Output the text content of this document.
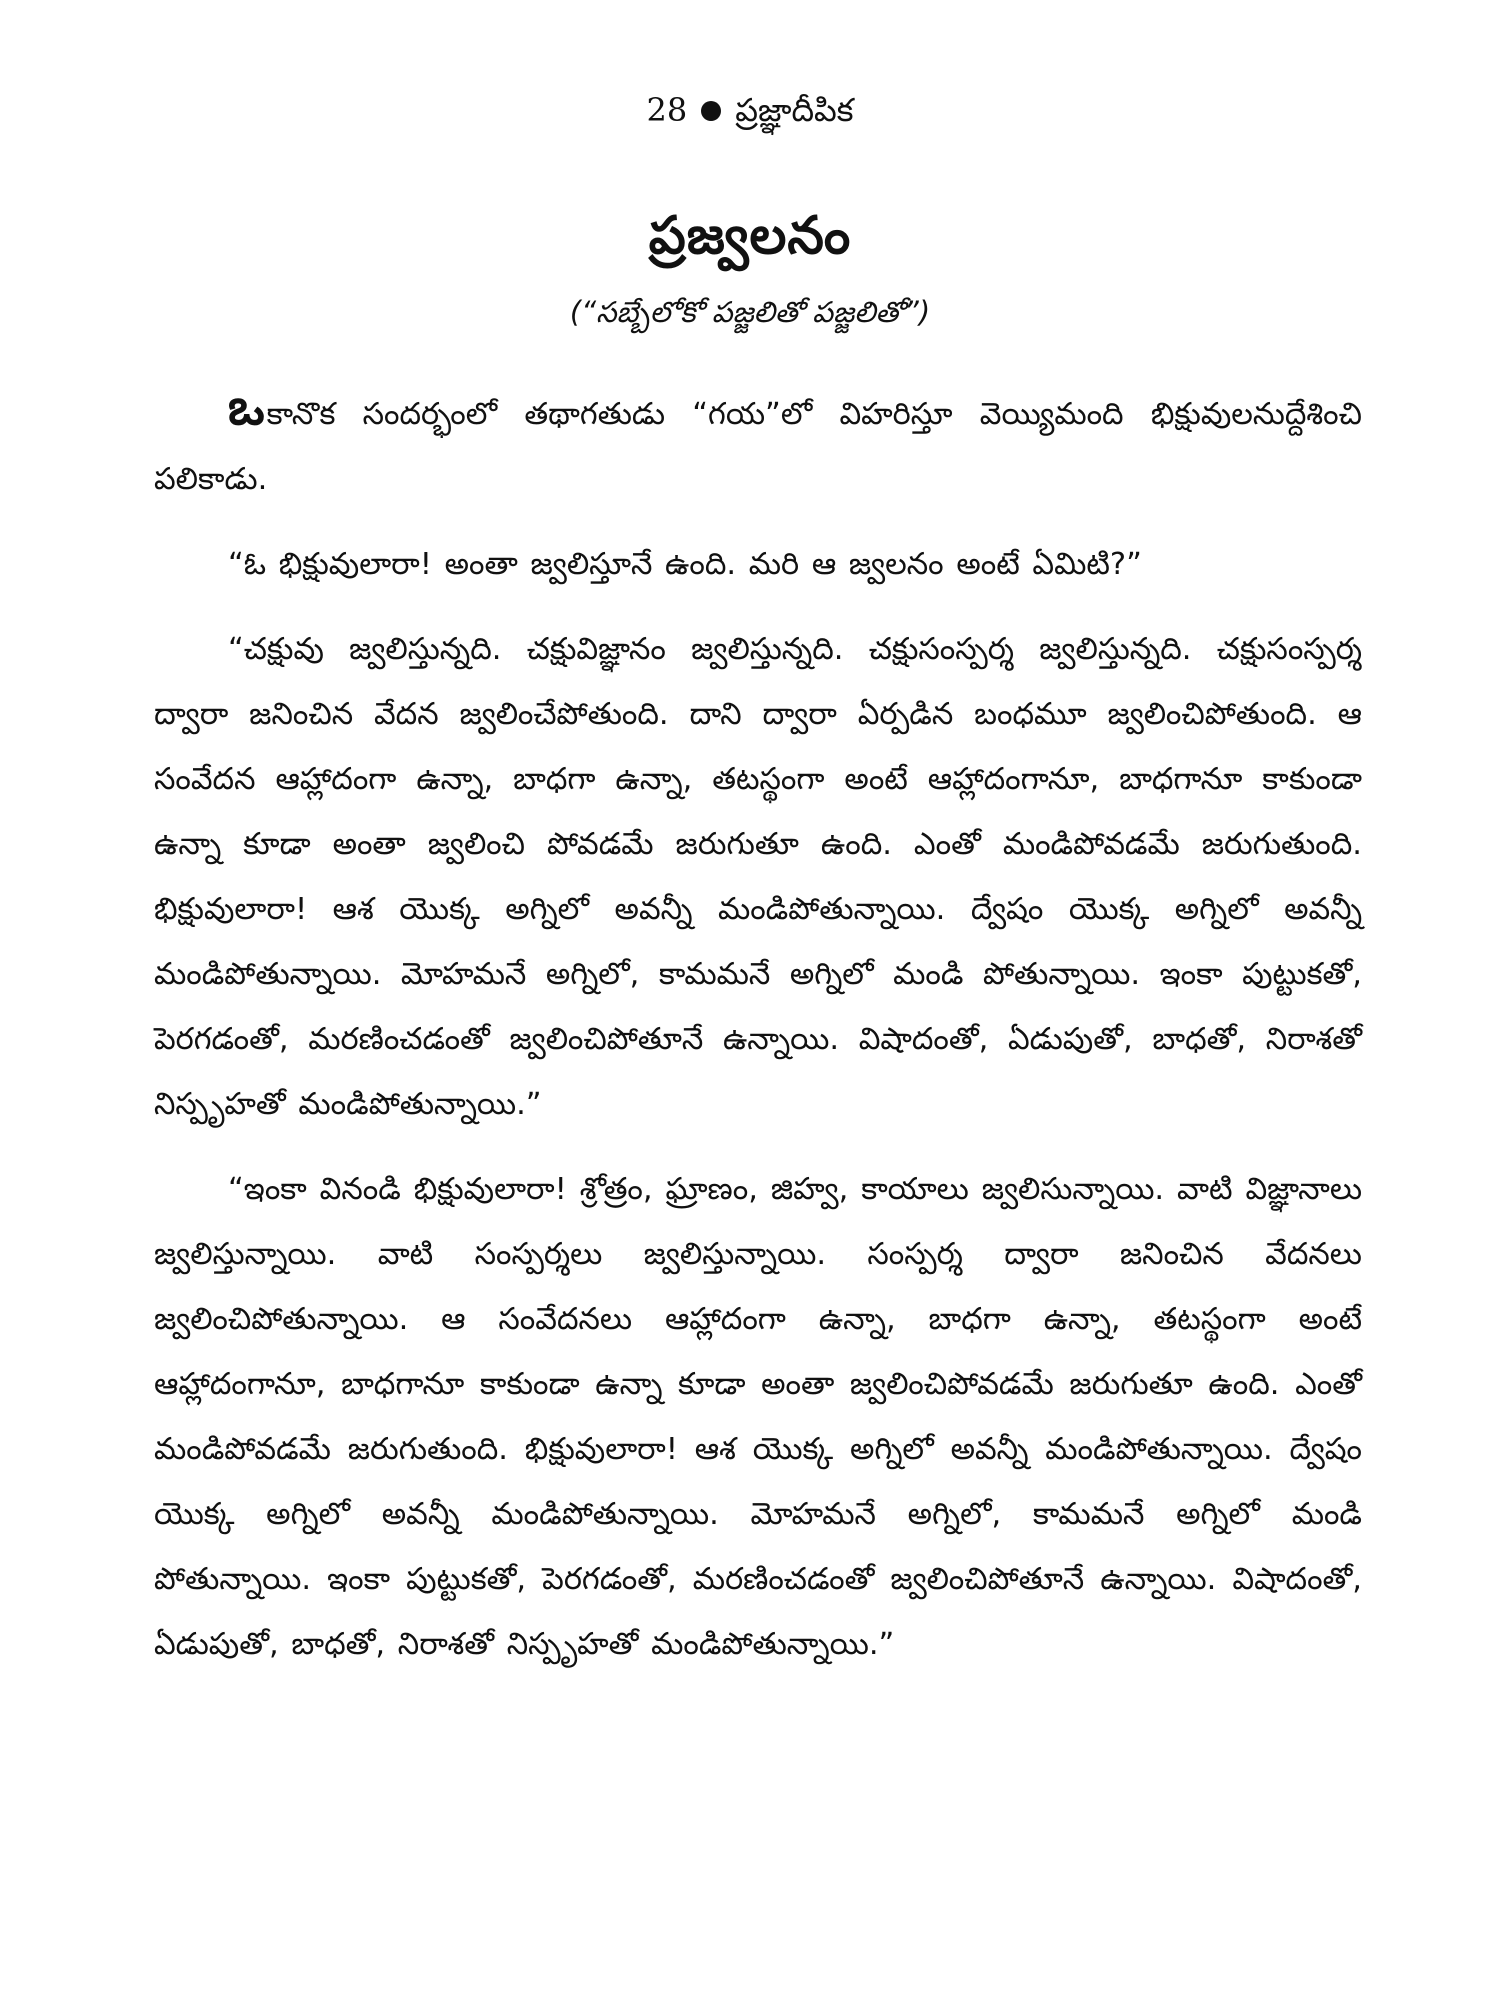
28 ప్రజ్ఞాదీపిక
ప్రజ్వలనం
(“సబ్బేలోకో పజ్జలితో పజ్జలితో”)

ఒకానొక సందర్భంలో తథాగతుడు “గయ”లో విహరిస్తూ వెయ్యిమంది భిక్షువులనుద్దేశించి పలికాడు.

“ఓ భిక్షువులారా! అంతా జ్వలిస్తూనే ఉంది. మరి ఆ జ్వలనం అంటే ఏమిటి?”

“చక్షువు జ్వలిస్తున్నది. చక్షువిజ్ఞానం జ్వలిస్తున్నది. చక్షుసంస్పర్శ జ్వలిస్తున్నది. చక్షుసంస్పర్శ ద్వారా జనించిన వేదన జ్వలించేపోతుంది. దాని ద్వారా ఏర్పడిన బంధమూ జ్వలించిపోతుంది. ఆ సంవేదన ఆహ్లాదంగా ఉన్నా, బాధగా ఉన్నా, తటస్థంగా అంటే ఆహ్లాదంగానూ, బాధగానూ కాకుండా ఉన్నా కూడా అంతా జ్వలించి పోవడమే జరుగుతూ ఉంది. ఎంతో మండిపోవడమే జరుగుతుంది. భిక్షువులారా! ఆశ యొక్క అగ్నిలో అవన్నీ మండిపోతున్నాయి. ద్వేషం యొక్క అగ్నిలో అవన్నీ మండిపోతున్నాయి. మోహమనే అగ్నిలో, కామమనే అగ్నిలో మండి పోతున్నాయి. ఇంకా పుట్టుకతో, పెరగడంతో, మరణించడంతో జ్వలించిపోతూనే ఉన్నాయి. విషాదంతో, ఏడుపుతో, బాధతో, నిరాశతో నిస్పృహతో మండిపోతున్నాయి.”

“ఇంకా వినండి భిక్షువులారా! శ్రోత్రం, ఘ్రాణం, జిహ్వ, కాయాలు జ్వలిసున్నాయి. వాటి విజ్ఞానాలు జ్వలిస్తున్నాయి. వాటి సంస్పర్శలు జ్వలిస్తున్నాయి. సంస్పర్శ ద్వారా జనించిన వేదనలు జ్వలించిపోతున్నాయి. ఆ సంవేదనలు ఆహ్లాదంగా ఉన్నా, బాధగా ఉన్నా, తటస్థంగా అంటే ఆహ్లాదంగానూ, బాధగానూ కాకుండా ఉన్నా కూడా అంతా జ్వలించిపోవడమే జరుగుతూ ఉంది. ఎంతో మండిపోవడమే జరుగుతుంది. భిక్షువులారా! ఆశ యొక్క అగ్నిలో అవన్నీ మండిపోతున్నాయి. ద్వేషం యొక్క అగ్నిలో అవన్నీ మండిపోతున్నాయి. మోహమనే అగ్నిలో, కామమనే అగ్నిలో మండి పోతున్నాయి. ఇంకా పుట్టుకతో, పెరగడంతో, మరణించడంతో జ్వలించిపోతూనే ఉన్నాయి. విషాదంతో, ఏడుపుతో, బాధతో, నిరాశతో నిస్పృహతో మండిపోతున్నాయి.”
